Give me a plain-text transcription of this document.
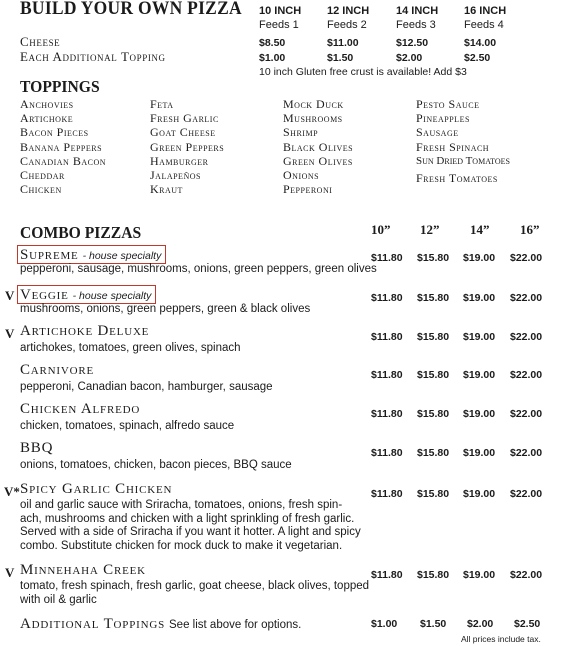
BUILD YOUR OWN PIZZA 10 INCH 12 INCH 14 INCH 16 INCH
Feeds 1	Feeds 2	Feeds 3	Feeds 4
Cheese	$8.50	$11.00	$12.50	$14.00
Each Additional Topping	$1.00	$1.50	$2.00	$2.50
10 inch Gluten free crust is available! Add $3
TOPPINGS
Anchovies
Artichoke
Bacon Pieces
Banana Peppers
Canadian Bacon
Cheddar
Chicken
Feta
Fresh Garlic
Goat Cheese
Green Peppers
Hamburger
Jalapeños
Kraut
Mock Duck
Mushrooms
Shrimp
Black Olives
Green Olives
Onions
Pepperoni
Pesto Sauce
Pineapples
Sausage
Fresh Spinach
Sun Dried Tomatoes
Fresh Tomatoes
COMBO PIZZAS	10” 12” 14” 16”
Supreme - house specialty
pepperoni, sausage, mushrooms, onions, green peppers, green olives
$11.80 $15.80 $19.00 $22.00
V Veggie - house specialty
mushrooms, onions, green peppers, green & black olives
$11.80 $15.80 $19.00 $22.00
V Artichoke Deluxe
artichokes, tomatoes, green olives, spinach
$11.80 $15.80 $19.00 $22.00
Carnivore
pepperoni, Canadian bacon, hamburger, sausage
$11.80 $15.80 $19.00 $22.00
Chicken Alfredo
chicken, tomatoes, spinach, alfredo sauce
$11.80 $15.80 $19.00 $22.00
BBQ
onions, tomatoes, chicken, bacon pieces, BBQ sauce
$11.80 $15.80 $19.00 $22.00
V* Spicy Garlic Chicken
oil and garlic sauce with Sriracha, tomatoes, onions, fresh spin-
ach, mushrooms and chicken with a light sprinkling of fresh garlic.
Served with a side of Sriracha if you want it hotter. A light and spicy
combo. Substitute chicken for mock duck to make it vegetarian.
$11.80 $15.80 $19.00 $22.00
V Minnehaha Creek
tomato, fresh spinach, fresh garlic, goat cheese, black olives, topped
with oil & garlic
$11.80 $15.80 $19.00 $22.00
Additional Toppings See list above for options.	$1.00 $1.50 $2.00 $2.50
All prices include tax.
